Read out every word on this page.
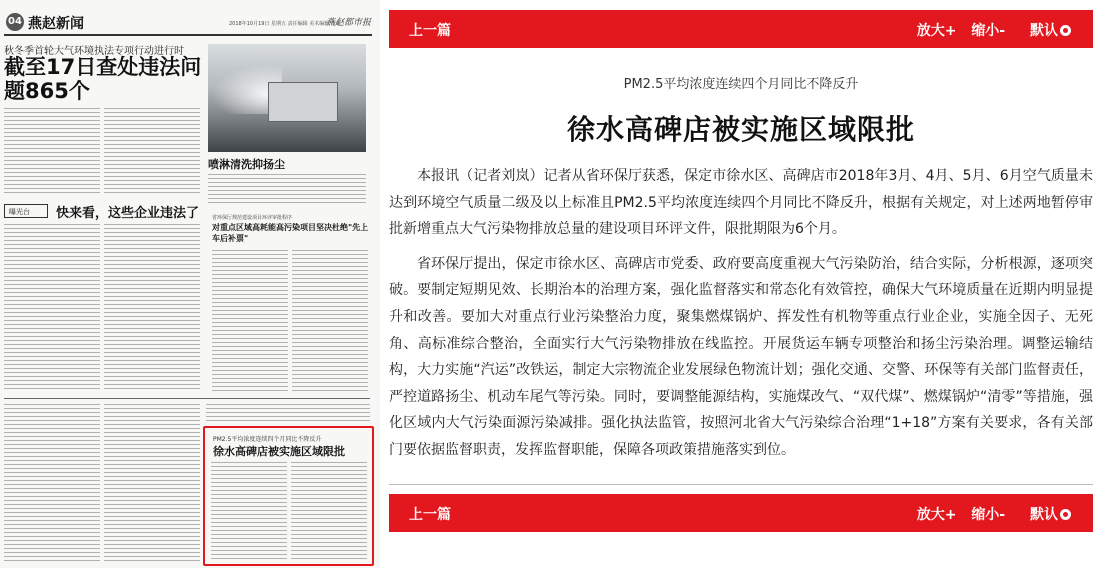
04 燕赵新闻	2018年10月19日 星期五 责任编辑 美术编辑 校对
燕赵都市报
秋冬季首轮大气环境执法专项行动进行时
截至17日查处违法问题865个
喷淋清洗抑扬尘
曝光台 快来看，这些企业违法了	省环保厅规范建设项目环评审批程序
对重点区域高耗能高污染项目坚决杜绝"先上车后补票"
PM2.5平均浓度连续四个月同比不降反升
徐水高碑店被实施区域限批
上一篇	放大+ 缩小- 默认
PM2.5平均浓度连续四个月同比不降反升
徐水高碑店被实施区域限批

本报讯（记者刘岚）记者从省环保厅获悉，保定市徐水区、高碑店市2018年3月、4月、5月、6月空气质量未达到环境空气质量二级及以上标准且PM2.5平均浓度连续四个月同比不降反升，根据有关规定，对上述两地暂停审批新增重点大气污染物排放总量的建设项目环评文件，限批期限为6个月。

省环保厅提出，保定市徐水区、高碑店市党委、政府要高度重视大气污染防治，结合实际，分析根源，逐项突破。要制定短期见效、长期治本的治理方案，强化监督落实和常态化有效管控，确保大气环境质量在近期内明显提升和改善。要加大对重点行业污染整治力度，聚集燃煤锅炉、挥发性有机物等重点行业企业，实施全因子、无死角、高标准综合整治，全面实行大气污染物排放在线监控。开展货运车辆专项整治和扬尘污染治理。调整运输结构，大力实施“汽运”改铁运，制定大宗物流企业发展绿色物流计划；强化交通、交警、环保等有关部门监督责任，严控道路扬尘、机动车尾气等污染。同时，要调整能源结构，实施煤改气、“双代煤”、燃煤锅炉“清零”等措施，强化区域内大气污染面源污染减排。强化执法监管，按照河北省大气污染综合治理“1+18”方案有关要求，各有关部门要依据监督职责，发挥监督职能，保障各项政策措施落实到位。

上一篇	放大+ 缩小- 默认
